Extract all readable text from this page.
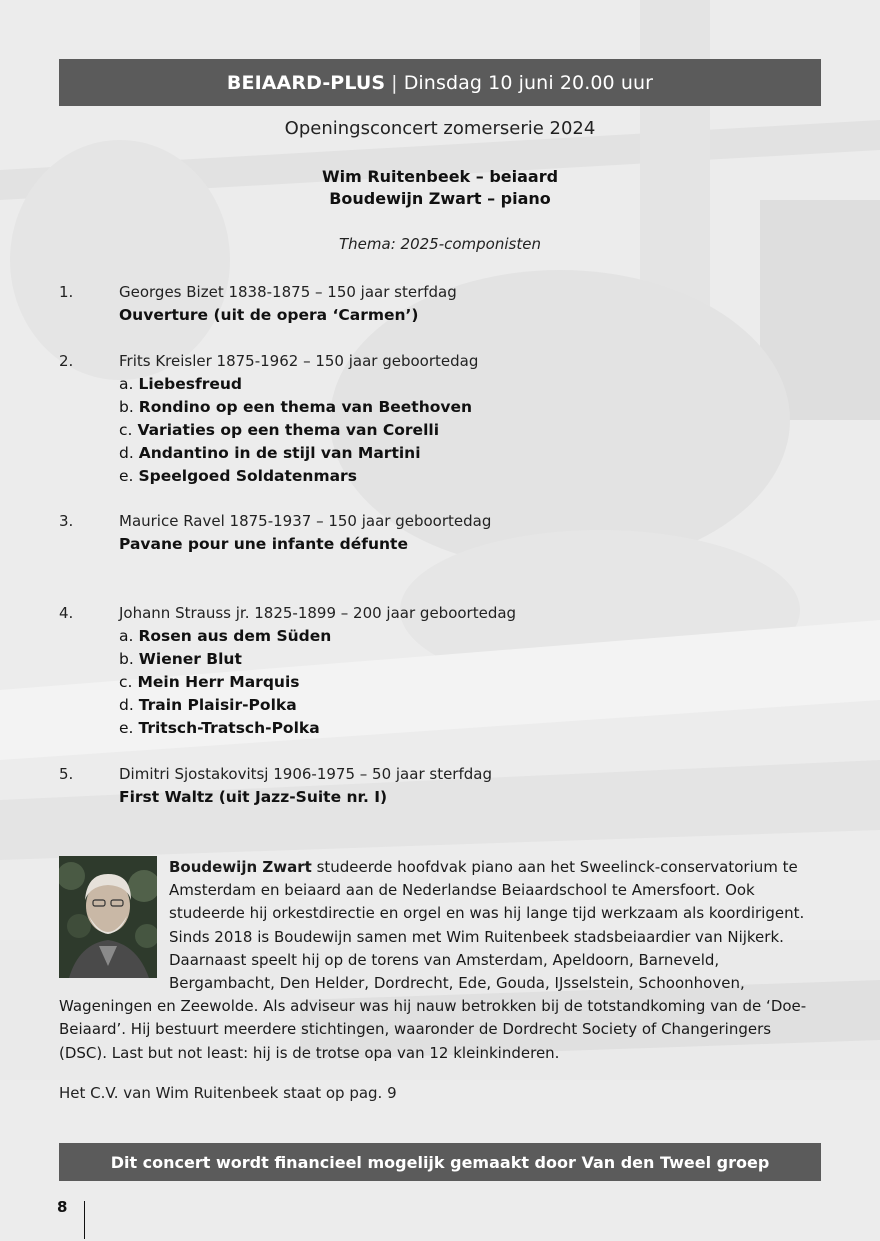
BEIAARD-PLUS | Dinsdag 10 juni 20.00 uur
Openingsconcert zomerserie 2024
Wim Ruitenbeek – beiaard
Boudewijn Zwart – piano
Thema: 2025-componisten
1.	Georges Bizet 1838-1875 – 150 jaar sterfdag
Ouverture (uit de opera ‘Carmen’)
2.	Frits Kreisler 1875-1962 – 150 jaar geboortedag
a. Liebesfreud
b. Rondino op een thema van Beethoven
c. Variaties op een thema van Corelli
d. Andantino in de stijl van Martini
e. Speelgoed Soldatenmars
3.	Maurice Ravel 1875-1937 – 150 jaar geboortedag
Pavane pour une infante défunte
4.	Johann Strauss jr. 1825-1899 – 200 jaar geboortedag
a. Rosen aus dem Süden
b. Wiener Blut
c. Mein Herr Marquis
d. Train Plaisir-Polka
e. Tritsch-Tratsch-Polka
5.	Dimitri Sjostakovitsj 1906-1975 – 50 jaar sterfdag
First Waltz (uit Jazz-Suite nr. I)
Boudewijn Zwart studeerde hoofdvak piano aan het Sweelinck-conservatorium te Amsterdam en beiaard aan de Nederlandse Beiaardschool te Amersfoort. Ook studeerde hij orkestdirectie en orgel en was hij lange tijd werkzaam als koordirigent. Sinds 2018 is Boudewijn samen met Wim Ruitenbeek stadsbeiaardier van Nijkerk. Daarnaast speelt hij op de torens van Amsterdam, Apeldoorn, Barneveld, Bergambacht, Den Helder, Dordrecht, Ede, Gouda, IJsselstein, Schoonhoven, Wageningen en Zeewolde. Als adviseur was hij nauw betrokken bij de totstandkoming van de ‘Doe-Beiaard’. Hij bestuurt meerdere stichtingen, waaronder de Dordrecht Society of Changeringers (DSC). Last but not least: hij is de trotse opa van 12 kleinkinderen.
Het C.V. van Wim Ruitenbeek staat op pag. 9
Dit concert wordt financieel mogelijk gemaakt door Van den Tweel groep
8
